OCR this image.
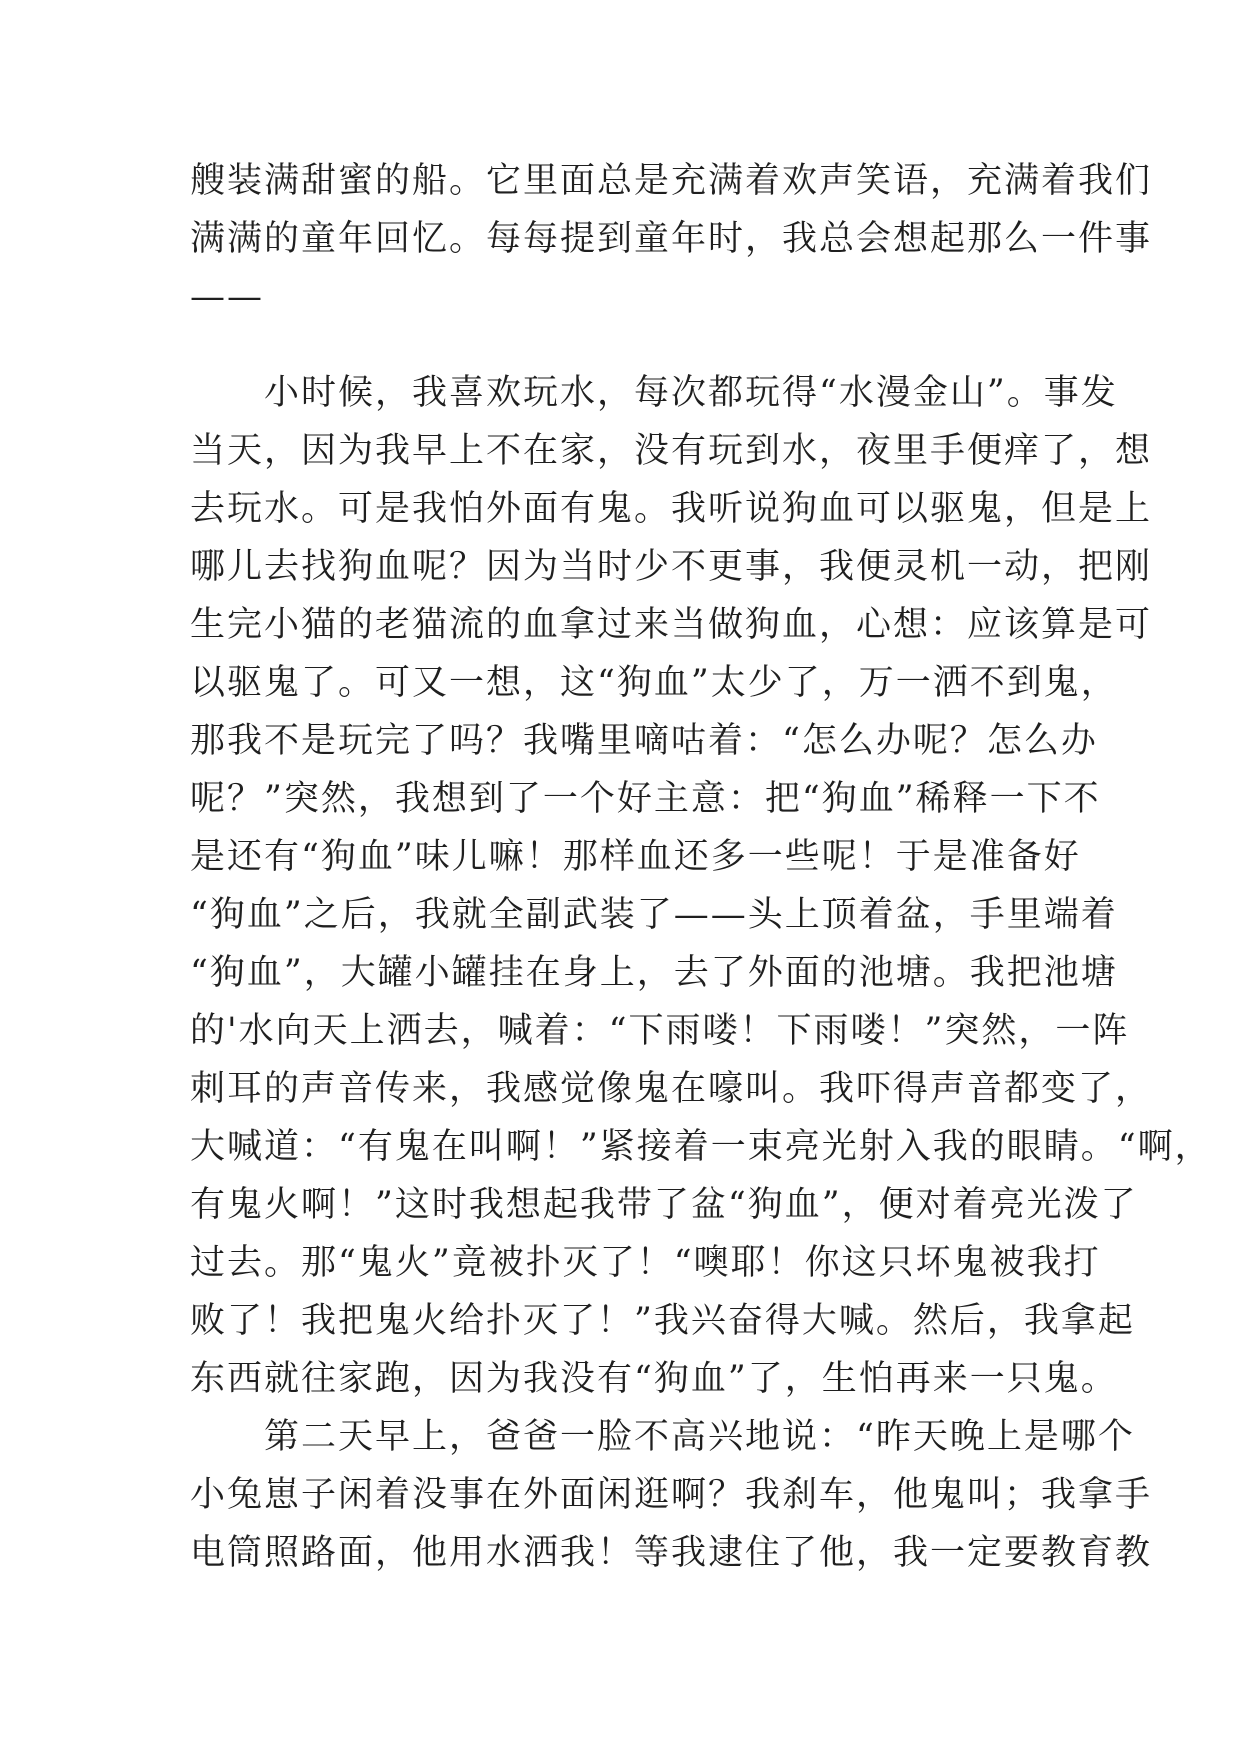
艘装满甜蜜的船。它里面总是充满着欢声笑语，充满着我们
满满的童年回忆。每每提到童年时，我总会想起那么一件事
——
　　小时候，我喜欢玩水，每次都玩得“水漫金山”。事发
当天，因为我早上不在家，没有玩到水，夜里手便痒了，想
去玩水。可是我怕外面有鬼。我听说狗血可以驱鬼，但是上
哪儿去找狗血呢？因为当时少不更事，我便灵机一动，把刚
生完小猫的老猫流的血拿过来当做狗血，心想：应该算是可
以驱鬼了。可又一想，这“狗血”太少了，万一洒不到鬼，
那我不是玩完了吗？我嘴里嘀咕着：“怎么办呢？怎么办
呢？”突然，我想到了一个好主意：把“狗血”稀释一下不
是还有“狗血”味儿嘛！那样血还多一些呢！于是准备好
“狗血”之后，我就全副武装了——头上顶着盆，手里端着
“狗血”，大罐小罐挂在身上，去了外面的池塘。我把池塘
的'水向天上洒去，喊着：“下雨喽！下雨喽！”突然，一阵
刺耳的声音传来，我感觉像鬼在嚎叫。我吓得声音都变了，
大喊道：“有鬼在叫啊！”紧接着一束亮光射入我的眼睛。“啊，
有鬼火啊！”这时我想起我带了盆“狗血”，便对着亮光泼了
过去。那“鬼火”竟被扑灭了！“噢耶！你这只坏鬼被我打
败了！我把鬼火给扑灭了！”我兴奋得大喊。然后，我拿起
东西就往家跑，因为我没有“狗血”了，生怕再来一只鬼。
　　第二天早上，爸爸一脸不高兴地说：“昨天晚上是哪个
小兔崽子闲着没事在外面闲逛啊？我刹车，他鬼叫；我拿手
电筒照路面，他用水洒我！等我逮住了他，我一定要教育教
